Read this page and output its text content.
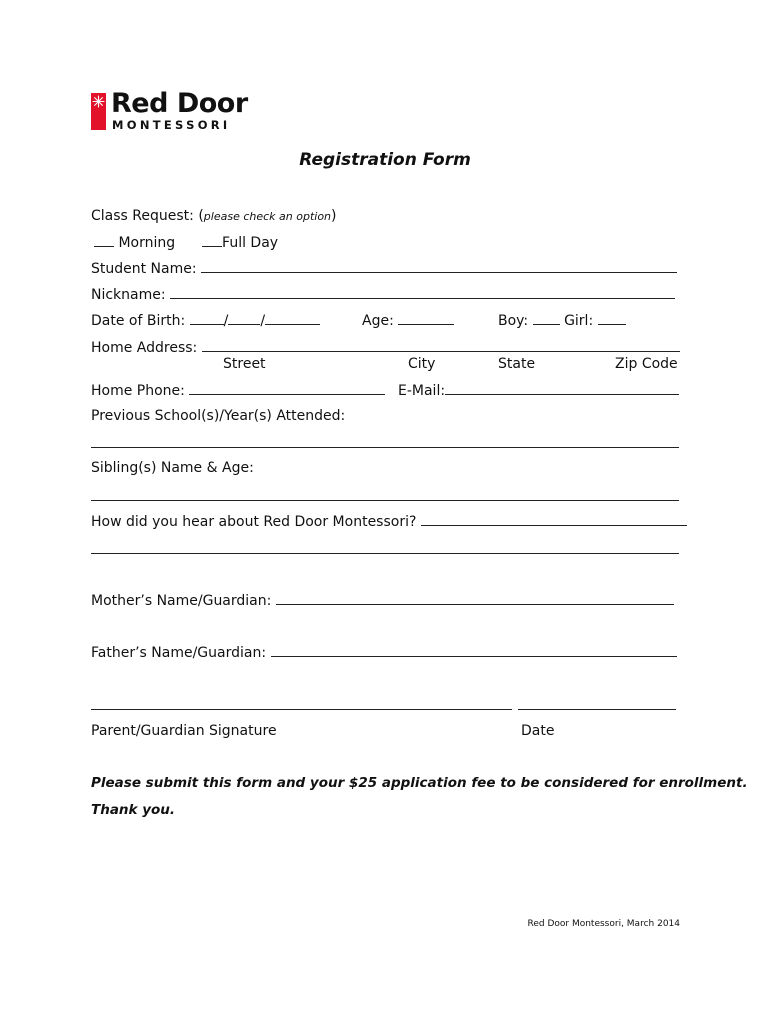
Red Door
MONTESSORI
Registration Form
Class Request: (please check an option)
Morning	Full Day
Student Name:
Nickname:
Date of Birth:	/ /	Age:	Boy:	Girl:
Home Address:
Street	City	State	Zip Code
Home Phone:	E-Mail:
Previous School(s)/Year(s) Attended:
Sibling(s) Name & Age:
How did you hear about Red Door Montessori?
Mother’s Name/Guardian:
Father’s Name/Guardian:
Parent/Guardian Signature	Date
Please submit this form and your $25 application fee to be considered for enrollment.
Thank you.
Red Door Montessori, March 2014
